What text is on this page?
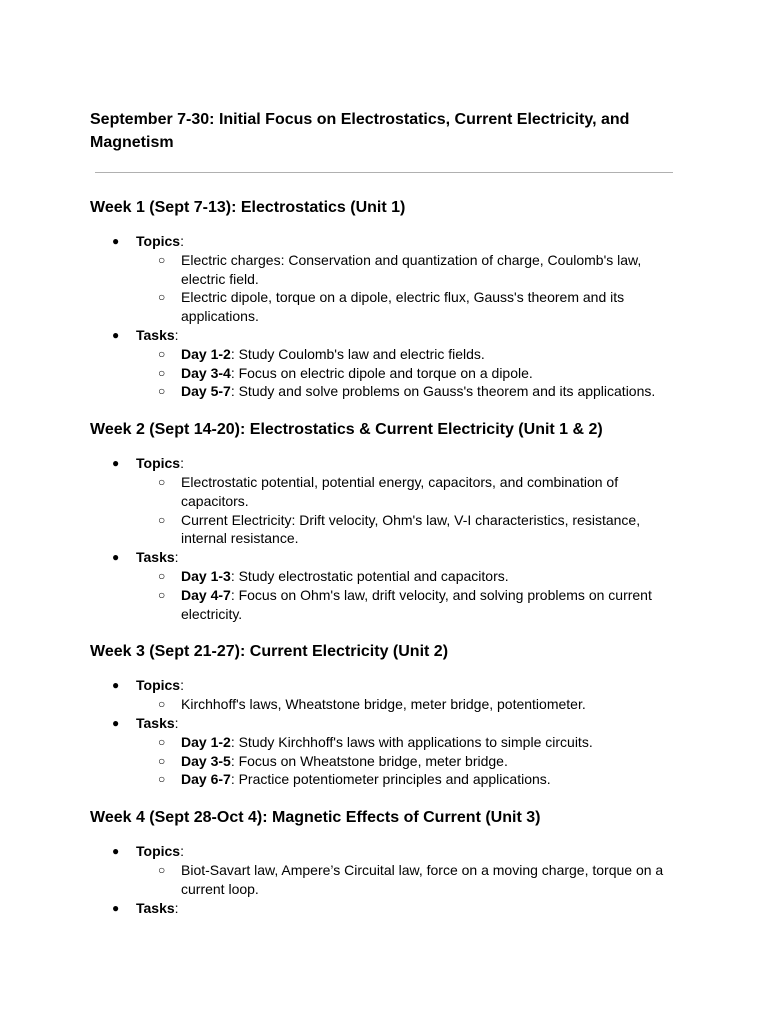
September 7-30: Initial Focus on Electrostatics, Current Electricity, and Magnetism
Week 1 (Sept 7-13): Electrostatics (Unit 1)
● Topics:
○ Electric charges: Conservation and quantization of charge, Coulomb's law, electric field.
○ Electric dipole, torque on a dipole, electric flux, Gauss's theorem and its applications.
● Tasks:
○ Day 1-2: Study Coulomb's law and electric fields.
○ Day 3-4: Focus on electric dipole and torque on a dipole.
○ Day 5-7: Study and solve problems on Gauss's theorem and its applications.
Week 2 (Sept 14-20): Electrostatics & Current Electricity (Unit 1 & 2)
● Topics:
○ Electrostatic potential, potential energy, capacitors, and combination of capacitors.
○ Current Electricity: Drift velocity, Ohm's law, V-I characteristics, resistance, internal resistance.
● Tasks:
○ Day 1-3: Study electrostatic potential and capacitors.
○ Day 4-7: Focus on Ohm's law, drift velocity, and solving problems on current electricity.
Week 3 (Sept 21-27): Current Electricity (Unit 2)
● Topics:
○ Kirchhoff's laws, Wheatstone bridge, meter bridge, potentiometer.
● Tasks:
○ Day 1-2: Study Kirchhoff's laws with applications to simple circuits.
○ Day 3-5: Focus on Wheatstone bridge, meter bridge.
○ Day 6-7: Practice potentiometer principles and applications.
Week 4 (Sept 28-Oct 4): Magnetic Effects of Current (Unit 3)
● Topics:
○ Biot-Savart law, Ampere’s Circuital law, force on a moving charge, torque on a current loop.
● Tasks:
